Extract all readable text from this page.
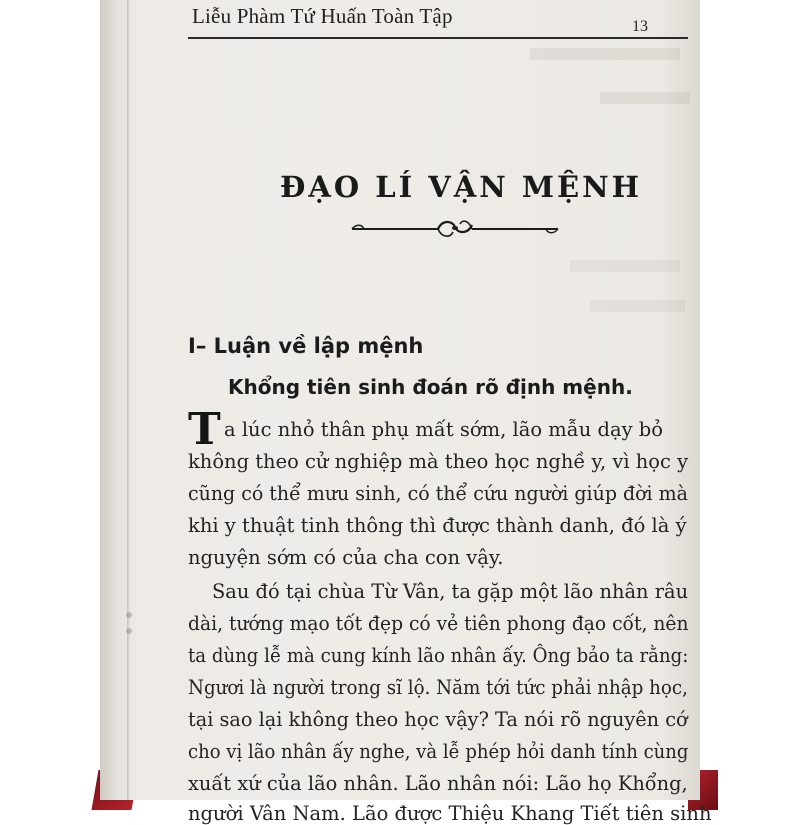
Liễu Phàm Tứ Huấn Toàn Tập	13
ĐẠO LÍ VẬN MỆNH
I– Luận về lập mệnh
Khổng tiên sinh đoán rõ định mệnh.
T a lúc nhỏ thân phụ mất sớm, lão mẫu dạy bỏ
không theo cử nghiệp mà theo học nghề y, vì học y
cũng có thể mưu sinh, có thể cứu người giúp đời mà
khi y thuật tinh thông thì được thành danh, đó là ý
nguyện sớm có của cha con vậy.
Sau đó tại chùa Từ Vân, ta gặp một lão nhân râu
dài, tướng mạo tốt đẹp có vẻ tiên phong đạo cốt, nên
ta dùng lễ mà cung kính lão nhân ấy. Ông bảo ta rằng:
Ngươi là người trong sĩ lộ. Năm tới tức phải nhập học,
tại sao lại không theo học vậy? Ta nói rõ nguyên cớ
cho vị lão nhân ấy nghe, và lễ phép hỏi danh tính cùng
xuất xứ của lão nhân. Lão nhân nói: Lão họ Khổng,
người Vân Nam. Lão được Thiệu Khang Tiết tiên sinh
